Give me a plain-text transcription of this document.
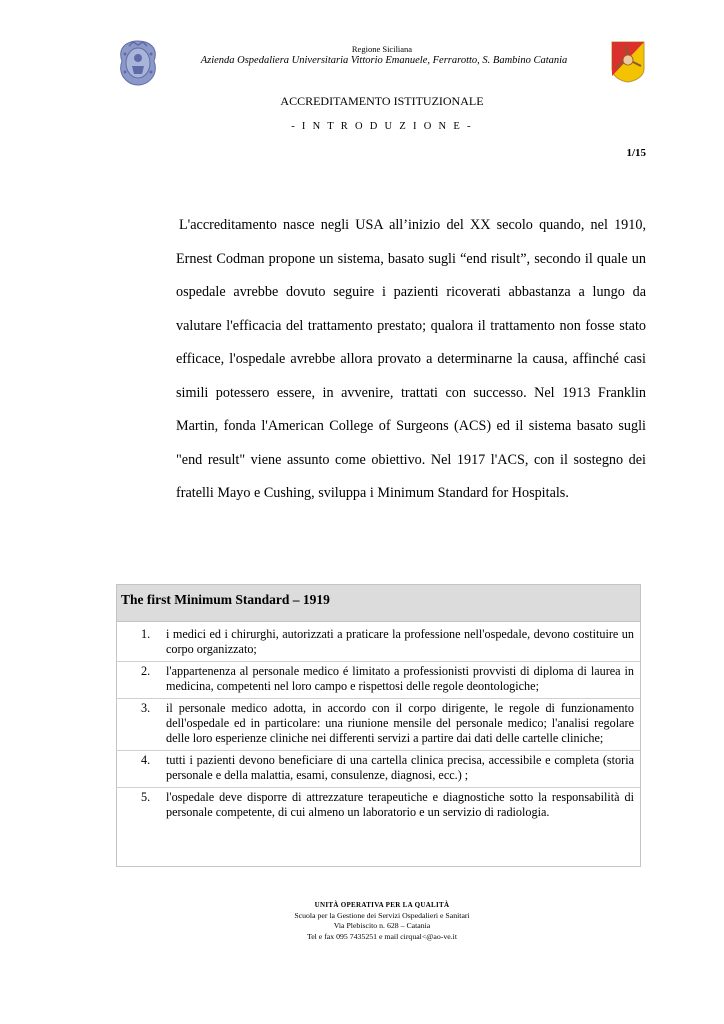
Regione Siciliana
Azienda Ospedaliera Universitaria Vittorio Emanuele, Ferrarotto, S. Bambino Catania
ACCREDITAMENTO ISTITUZIONALE
- I N T R O D U Z I O N E -
1/15

L'accreditamento nasce negli USA all’inizio del XX secolo quando, nel 1910, Ernest Codman propone un sistema, basato sugli “end risult”, secondo il quale un ospedale avrebbe dovuto seguire i pazienti ricoverati abbastanza a lungo da valutare l'efficacia del trattamento prestato; qualora il trattamento non fosse stato efficace, l'ospedale avrebbe allora provato a determinarne la causa, affinché casi simili potessero essere, in avvenire, trattati con successo. Nel 1913 Franklin Martin, fonda l'American College of Surgeons (ACS) ed il sistema basato sugli "end result" viene assunto come obiettivo. Nel 1917 l'ACS, con il sostegno dei fratelli Mayo e Cushing, sviluppa i Minimum Standard for Hospitals.

The first Minimum Standard – 1919
1. i medici ed i chirurghi, autorizzati a praticare la professione nell'ospedale, devono costituire un corpo organizzato;
2. l'appartenenza al personale medico é limitato a professionisti provvisti di diploma di laurea in medicina, competenti nel loro campo e rispettosi delle regole deontologiche;
3. il personale medico adotta, in accordo con il corpo dirigente, le regole di funzionamento dell'ospedale ed in particolare: una riunione mensile del personale medico; l'analisi regolare delle loro esperienze cliniche nei differenti servizi a partire dai dati delle cartelle cliniche;
4. tutti i pazienti devono beneficiare di una cartella clinica precisa, accessibile e completa (storia personale e della malattia, esami, consulenze, diagnosi, ecc.) ;
5. l'ospedale deve disporre di attrezzature terapeutiche e diagnostiche sotto la responsabilità di personale competente, di cui almeno un laboratorio e un servizio di radiologia.
UNITÀ OPERATIVA PER LA QUALITÀ
Scuola per la Gestione dei Servizi Ospedalieri e Sanitari
Via Plebiscito n. 628 – Catania
Tel e fax 095 7435251 e mail cirqual<@ao-ve.it
